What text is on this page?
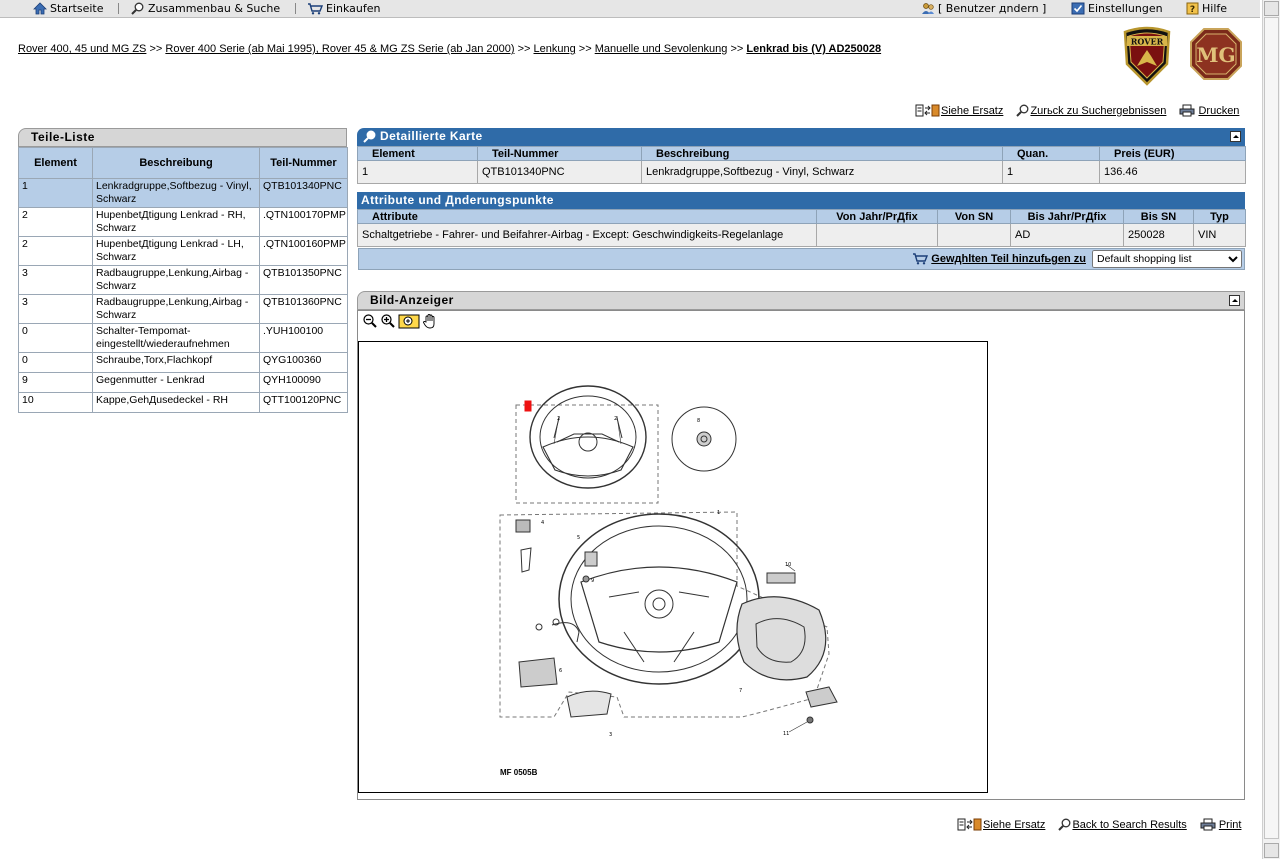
Startseite	Zusammenbau & Suche	Einkaufen	[ Benutzer дndern ]	Einstellungen	? Hilfe
Rover 400, 45 und MG ZS >> Rover 400 Serie (ab Mai 1995), Rover 45 & MG ZS Serie (ab Jan 2000) >> Lenkung >> Manuelle und Sevolenkung >> Lenkrad bis (V) AD250028
ROVER
MG
Siehe Ersatz Zurьck zu Suchergebnissen	Drucken
Teile-Liste
Element	Beschreibung	Teil-Nummer
1	Lenkradgruppe,Softbezug - Vinyl, Schwarz	QTB101340PNC
2	HupenbetДtigung Lenkrad - RH, Schwarz	.QTN100170PMP
2	HupenbetДtigung Lenkrad - LH, Schwarz	.QTN100160PMP
3	Radbaugruppe,Lenkung,Airbag - Schwarz	QTB101350PNC
3	Radbaugruppe,Lenkung,Airbag - Schwarz	QTB101360PNC
0	Schalter-Tempomat-eingestellt/wiederaufnehmen	.YUH100100
0	Schraube,Torx,Flachkopf	QYG100360
9	Gegenmutter - Lenkrad	QYH100090
10	Kappe,GehДusedeckel - RH	QTT100120PNC
Detaillierte Karte
Element	Teil-Nummer	Beschreibung	Quan.	Preis (EUR)
1	QTB101340PNC	Lenkradgruppe,Softbezug - Vinyl, Schwarz	1	136.46
Attribute und Дnderungspunkte
Attribute	Von Jahr/PrДfix	Von SN	Bis Jahr/PrДfix	Bis SN	Typ
Schaltgetriebe - Fahrer- und Beifahrer-Airbag - Except: Geschwindigkeits-Regelanlage			AD	250028	VIN
Gewдhlten Teil hinzufьgen zu
Default shopping list
Bild-Anzeiger
2	2	8
1
4
5
6
3
7
10
11
9
MF 0505B
Siehe Ersatz Back to Search Results	Print
